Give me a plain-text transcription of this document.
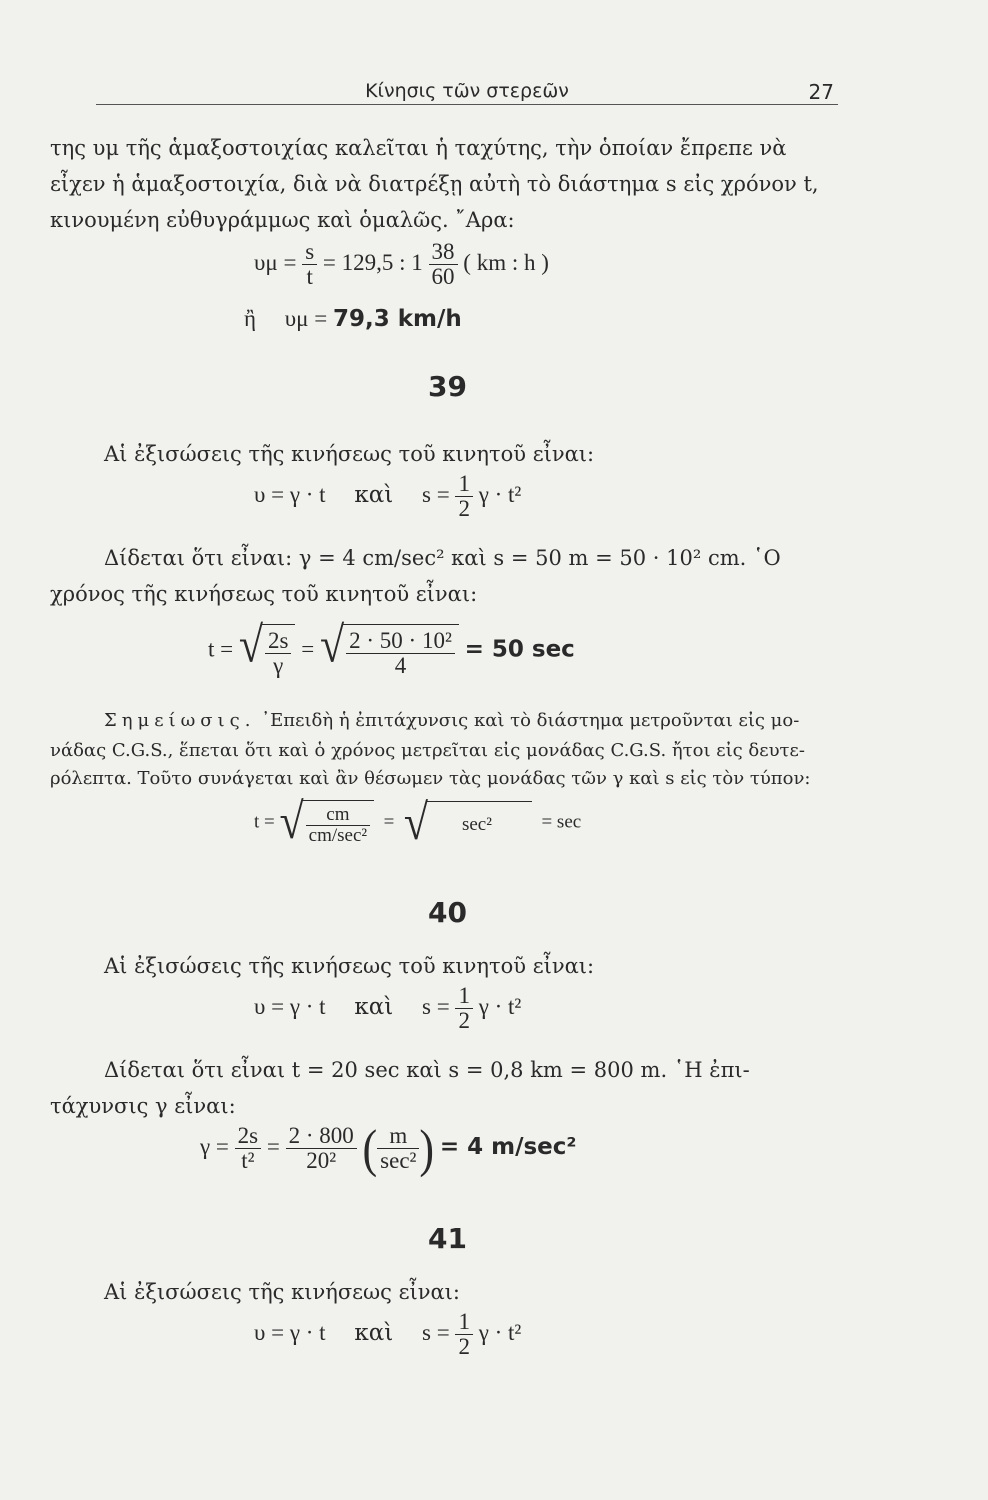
Κίνησις τῶν στερεῶν	27
της υμ τῆς ἁμαξοστοιχίας καλεῖται ἡ ταχύτης, τὴν ὁποίαν ἔπρεπε νὰ
εἶχεν ἡ ἁμαξοστοιχία, διὰ νὰ διατρέξῃ αὐτὴ τὸ διάστημα s εἰς χρόνον t,
κινουμένη εὐθυγράμμως καὶ ὁμαλῶς. ῎Αρα:
$\upsilon\mu = \frac{s}{t} = 129,5$ : $1 \frac{38}{60}$ ( km : h )
ἢ υμ = 79,3 km/h
39
Αἱ ἐξισώσεις τῆς κινήσεως τοῦ κινητοῦ εἶναι:
υ = γ · t καὶ $s = \frac{1}{2}$ γ · t²
Δίδεται ὅτι εἶναι: γ = 4 cm/sec² καὶ s = 50 m = 50 · 10² cm. ῾Ο
χρόνος τῆς κινήσεως τοῦ κινητοῦ εἶναι:
t = √ $\frac{2s}{\gamma}$ = √ $\frac{\text{2 · 50 · 10²}}{4} = 50$ sec
Σημείωσις. ᾿Επειδὴ ἡ ἐπιτάχυνσις καὶ τὸ διάστημα μετροῦνται εἰς μο-
νάδας C.G.S., ἕπεται ὅτι καὶ ὁ χρόνος μετρεῖται εἰς μονάδας C.G.S. ἤτοι εἰς δευτε-
ρόλεπτα. Τοῦτο συνάγεται καὶ ἂν θέσωμεν τὰς μονάδας τῶν γ καὶ s εἰς τὸν τύπον:
t = √ $\frac{cm}{\text{cm/sec²}}$ = √ sec²	= sec
40
Αἱ ἐξισώσεις τῆς κινήσεως τοῦ κινητοῦ εἶναι:
υ = γ · t καὶ $s = \frac{1}{2}$ γ · t²
Δίδεται ὅτι εἶναι t = 20 sec καὶ s = 0,8 km = 800 m. ῾Η ἐπι-
τάχυνσις γ εἶναι:
$\gamma = \frac{2s}{\text{t²}} = \frac{2 \cdot 800}{\text{20²}}$ ( $\frac{m}{\text{sec²}}$ ) = 4 m/sec²
41
Αἱ ἐξισώσεις τῆς κινήσεως εἶναι:
υ = γ · t καὶ $s = \frac{1}{2}$ γ · t²
